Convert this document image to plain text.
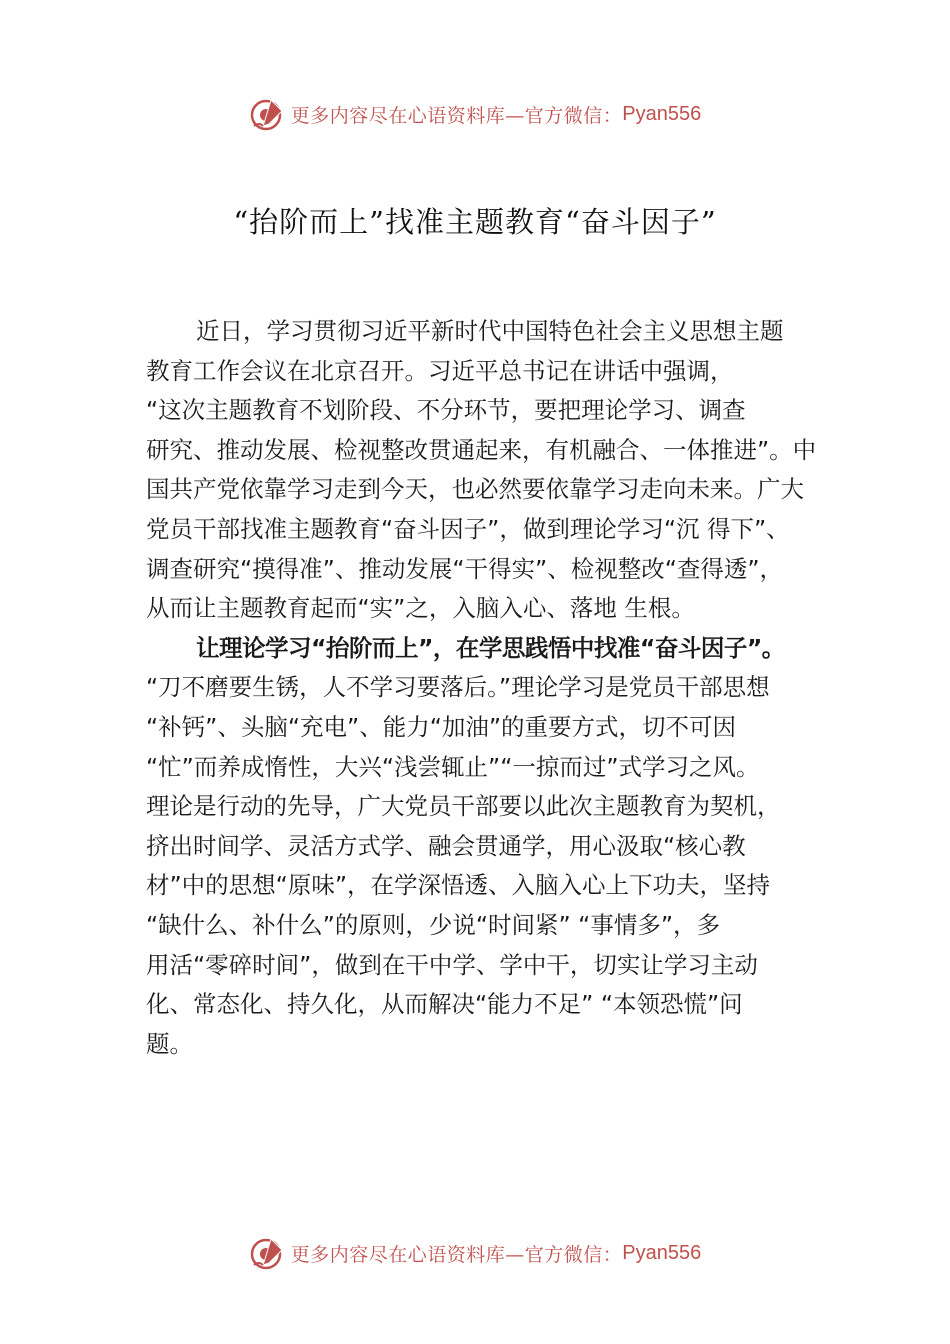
更多内容尽在心语资料库—官方微信： Pyan556
“抬阶而上”找准主题教育“奋斗因子”
近日，学习贯彻习近平新时代中国特色社会主义思想主题
教育工作会议在北京召开。习近平总书记在讲话中强调，
“这次主题教育不划阶段、不分环节，要把理论学习、调查
研究、推动发展、检视整改贯通起来，有机融合、一体推进”。中
国共产党依靠学习走到今天，也必然要依靠学习走向未来。广大
党员干部找准主题教育“奋斗因子”，做到理论学习“沉 得下”、
调查研究“摸得准”、推动发展“干得实”、检视整改“查得透”，
从而让主题教育起而“实”之，入脑入心、落地 生根。
让理论学习“抬阶而上”，在学思践悟中找准“奋斗因子”。
“刀不磨要生锈，人不学习要落后。”理论学习是党员干部思想
“补钙”、头脑“充电”、能力“加油”的重要方式，切不可因
“忙”而养成惰性，大兴“浅尝辄止”“一掠而过”式学习之风。
理论是行动的先导，广大党员干部要以此次主题教育为契机，
挤出时间学、灵活方式学、融会贯通学，用心汲取“核心教
材”中的思想“原味”，在学深悟透、入脑入心上下功夫，坚持
“缺什么、补什么”的原则，少说“时间紧” “事情多”，多
用活“零碎时间”，做到在干中学、学中干，切实让学习主动
化、常态化、持久化，从而解决“能力不足” “本领恐慌”问
题。
更多内容尽在心语资料库—官方微信： Pyan556
